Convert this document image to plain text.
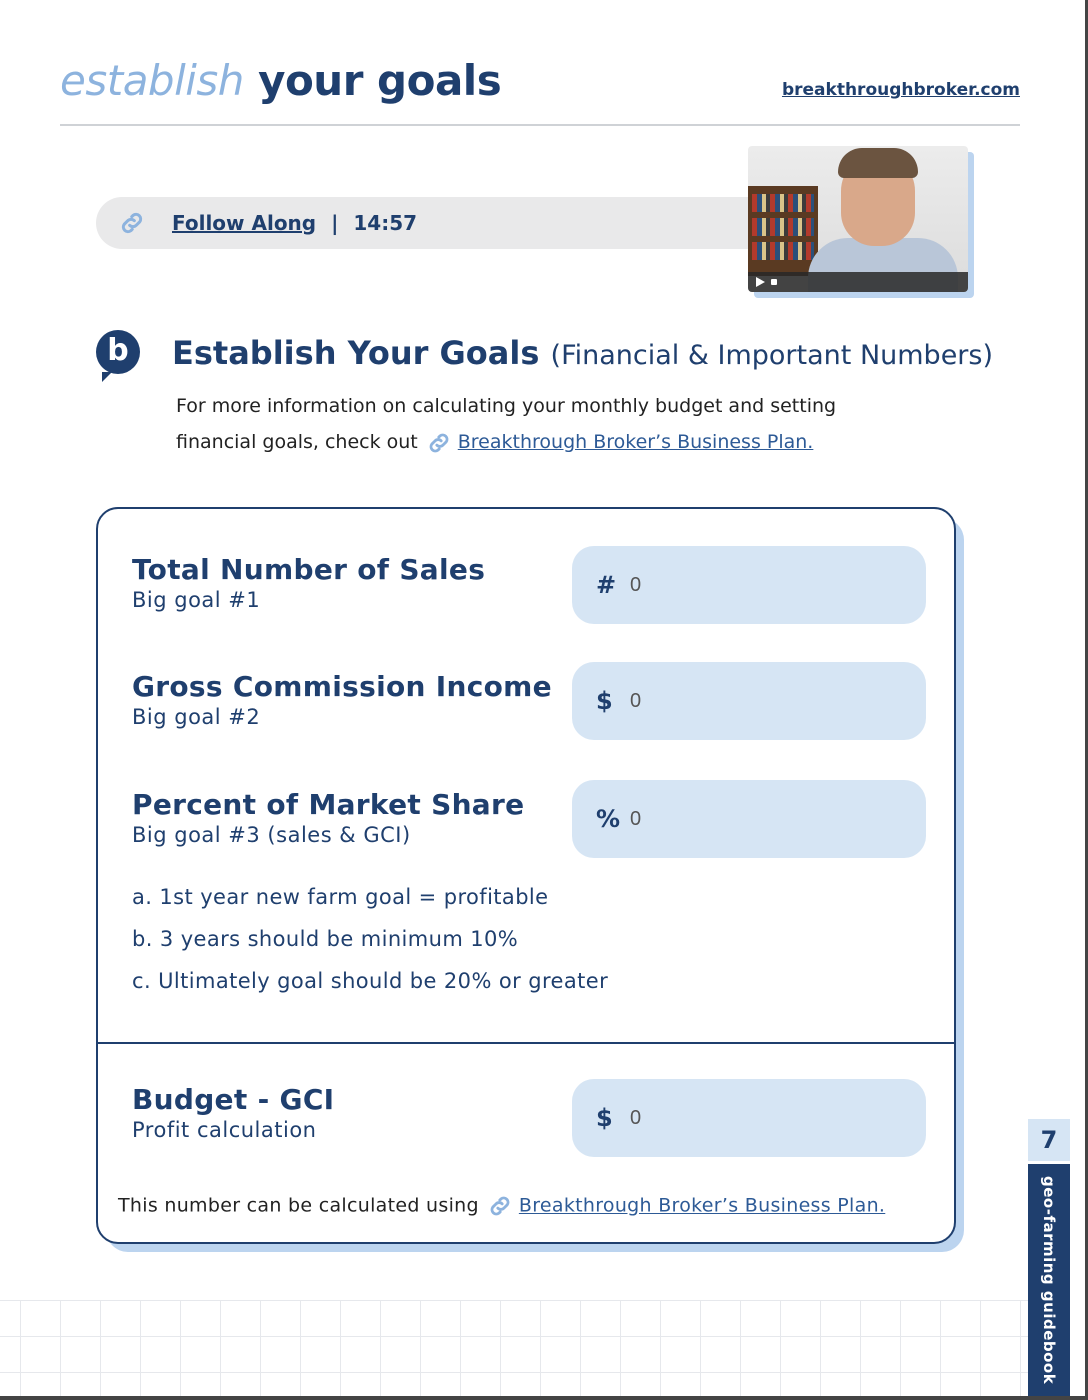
establish your goals	breakthroughbroker.com
Follow Along | 14:57
b	Establish Your Goals (Financial & Important Numbers)
For more information on calculating your monthly budget and setting
financial goals, check out Breakthrough Broker’s Business Plan.
Total Number of Sales
Big goal #1
# 0
Gross Commission Income
Big goal #2
$ 0
Percent of Market Share
Big goal #3 (sales & GCI)
% 0
a. 1st year new farm goal = profitable
b. 3 years should be minimum 10%
c. Ultimately goal should be 20% or greater
Budget - GCI
Profit calculation	$ 0
This number can be calculated using Breakthrough Broker’s Business Plan.
7
geo-farming guidebook
